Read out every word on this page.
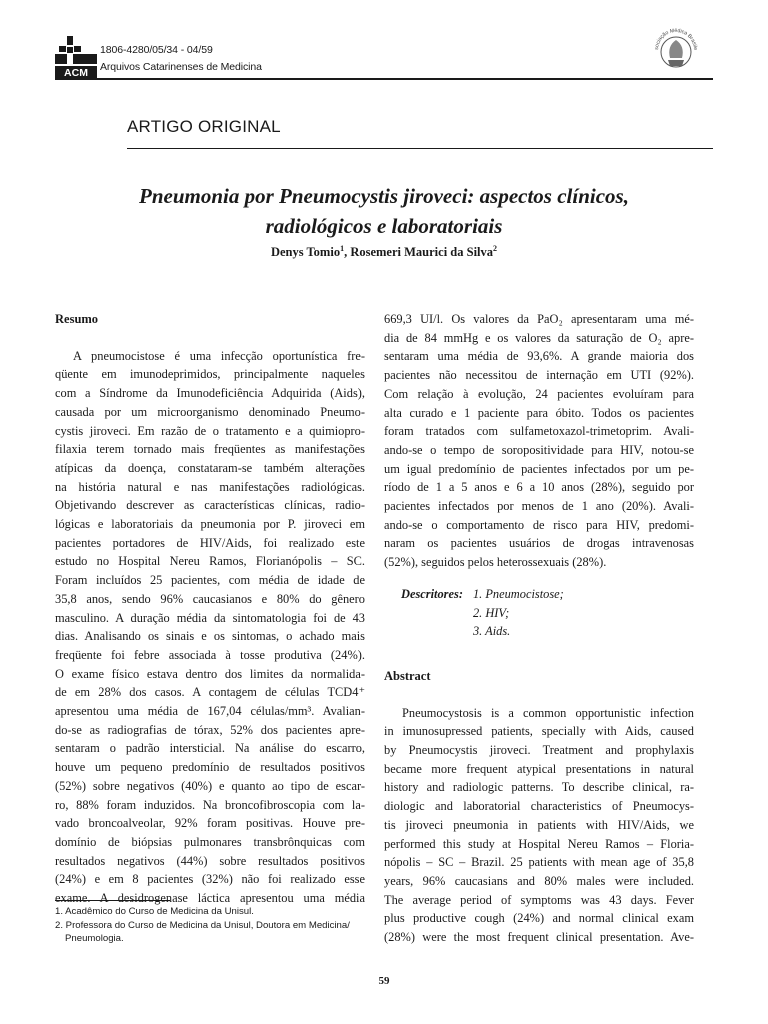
ACM
1806-4280/05/34 - 04/59
Arquivos Catarinenses de Medicina
sociação Médica Brasile
ARTIGO ORIGINAL
Pneumonia por Pneumocystis jiroveci: aspectos clínicos,
radiológicos e laboratoriais
Denys Tomio$^1$, Rosemeri Maurici da Silva$^2$

Resumo

A pneumocistose é uma infecção oportunística fre-
qüente em imunodeprimidos, principalmente naqueles
com a Síndrome da Imunodeficiência Adquirida (Aids),
causada por um microorganismo denominado Pneumo-
cystis jiroveci. Em razão de o tratamento e a quimiopro-
filaxia terem tornado mais freqüentes as manifestações
atípicas da doença, constataram-se também alterações
na história natural e nas manifestações radiológicas.
Objetivando descrever as características clínicas, radio-
lógicas e laboratoriais da pneumonia por P. jiroveci em
pacientes portadores de HIV/Aids, foi realizado este
estudo no Hospital Nereu Ramos, Florianópolis – SC.
Foram incluídos 25 pacientes, com média de idade de
35,8 anos, sendo 96% caucasianos e 80% do gênero
masculino. A duração média da sintomatologia foi de 43
dias. Analisando os sinais e os sintomas, o achado mais
freqüente foi febre associada à tosse produtiva (24%).
O exame físico estava dentro dos limites da normalida-
de em 28% dos casos. A contagem de células TCD4⁺
apresentou uma média de 167,04 células/mm³. Avalian-
do-se as radiografias de tórax, 52% dos pacientes apre-
sentaram o padrão intersticial. Na análise do escarro,
houve um pequeno predomínio de resultados positivos
(52%) sobre negativos (40%) e quanto ao tipo de escar-
ro, 88% foram induzidos. Na broncofibroscopia com la-
vado broncoalveolar, 92% foram positivas. Houve pre-
domínio de biópsias pulmonares transbrônquicas com
resultados negativos (44%) sobre resultados positivos
(24%) e em 8 pacientes (32%) não foi realizado esse
exame. A desidrogenase láctica apresentou uma média
669,3 UI/l. Os valores da PaO₂ apresentaram uma mé-
dia de 84 mmHg e os valores da saturação de O₂ apre-
sentaram uma média de 93,6%. A grande maioria dos
pacientes não necessitou de internação em UTI (92%).
Com relação à evolução, 24 pacientes evoluíram para
alta curado e 1 paciente para óbito. Todos os pacientes
foram tratados com sulfametoxazol-trimetoprim. Avali-
ando-se o tempo de soropositividade para HIV, notou-se
um igual predomínio de pacientes infectados por um pe-
ríodo de 1 a 5 anos e 6 a 10 anos (28%), seguido por
pacientes infectados por menos de 1 ano (20%). Avali-
ando-se o comportamento de risco para HIV, predomi-
naram os pacientes usuários de drogas intravenosas
(52%), seguidos pelos heterossexuais (28%).
Descritores:	1. Pneumocistose;
	2. HIV;
	3. Aids.

Abstract

Pneumocystosis is a common opportunistic infection
in imunosupressed patients, specially with Aids, caused
by Pneumocystis jiroveci. Treatment and prophylaxis
became more frequent atypical presentations in natural
history and radiologic patterns. To describe clinical, ra-
diologic and laboratorial characteristics of Pneumocys-
tis jiroveci pneumonia in patients with HIV/Aids, we
performed this study at Hospital Nereu Ramos – Floria-
nópolis – SC – Brazil. 25 patients with mean age of 35,8
years, 96% caucasians and 80% males were included.
The average period of symptoms was 43 days. Fever
plus productive cough (24%) and normal clinical exam
(28%) were the most frequent clinical presentation. Ave-
1. Acadêmico do Curso de Medicina da Unisul.
2. Professora do Curso de Medicina da Unisul, Doutora em Medicina/ Pneumologia.
59
